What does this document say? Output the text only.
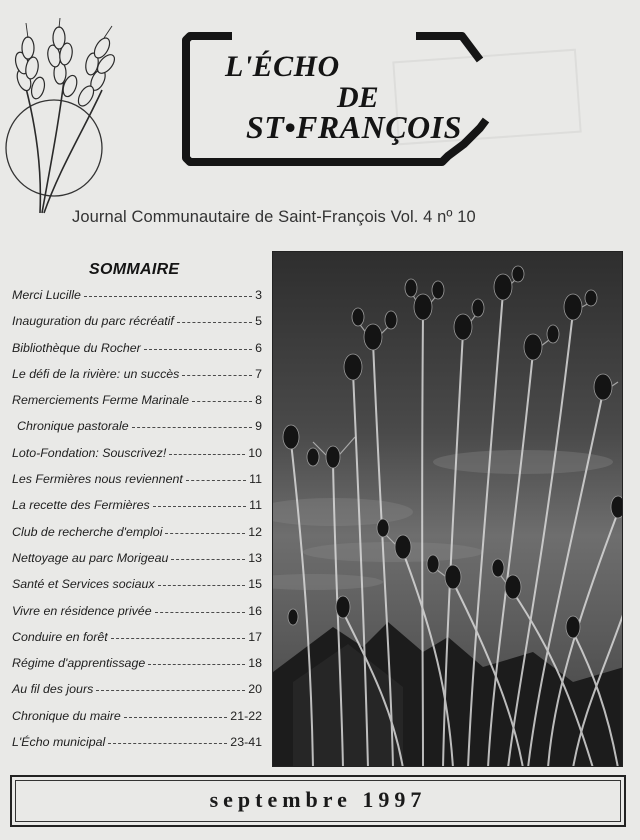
L'ÉCHO
DE
ST•FRANÇOIS
Journal Communautaire de Saint-François Vol. 4 nº 10
SOMMAIRE
Merci Lucille	3
Inauguration du parc récréatif	5
Bibliothèque du Rocher	6
Le défi de la rivière: un succès	7
Remerciements Ferme Marinale	8
Chronique pastorale	9
Loto-Fondation: Souscrivez!	10
Les Fermières nous reviennent	11
La recette des Fermières	11
Club de recherche d'emploi	12
Nettoyage au parc Morigeau	13
Santé et Services sociaux	15
Vivre en résidence privée	16
Conduire en forêt	17
Régime d'apprentissage	18
Au fil des jours	20
Chronique du maire	21-22
L'Écho municipal	23-41
septembre 1997
